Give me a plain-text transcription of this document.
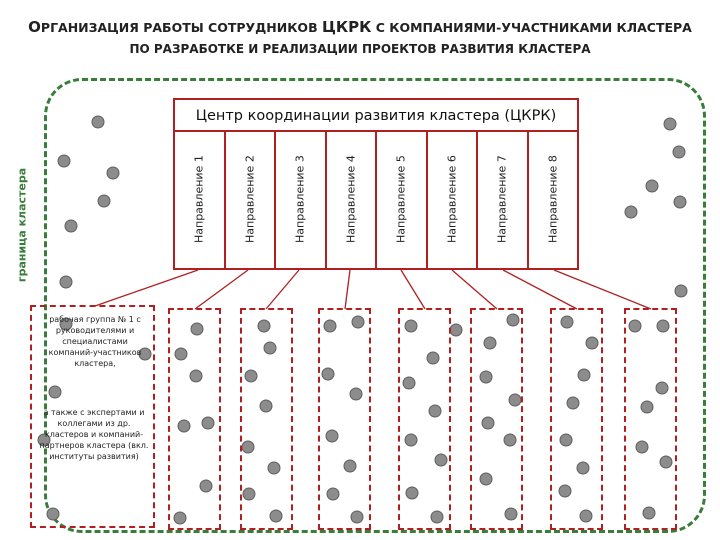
ОРГАНИЗАЦИЯ РАБОТЫ СОТРУДНИКОВ ЦКРК С КОМПАНИЯМИ-УЧАСТНИКАМИ КЛАСТЕРА
ПО РАЗРАБОТКЕ И РЕАЛИЗАЦИИ ПРОЕКТОВ РАЗВИТИЯ КЛАСТЕРА
граница кластера
Центр координации развития кластера (ЦКРК)
Направление 1	Направление 2	Направление 3	Направление 4	Направление 5	Направление 6	Направление 7	Направление 8
рабочая группа № 1 с руководителями и специалистами компаний-участников кластера,
а также с экспертами и коллегами из др. кластеров и компаний-партнеров кластера (вкл. институты развития)
